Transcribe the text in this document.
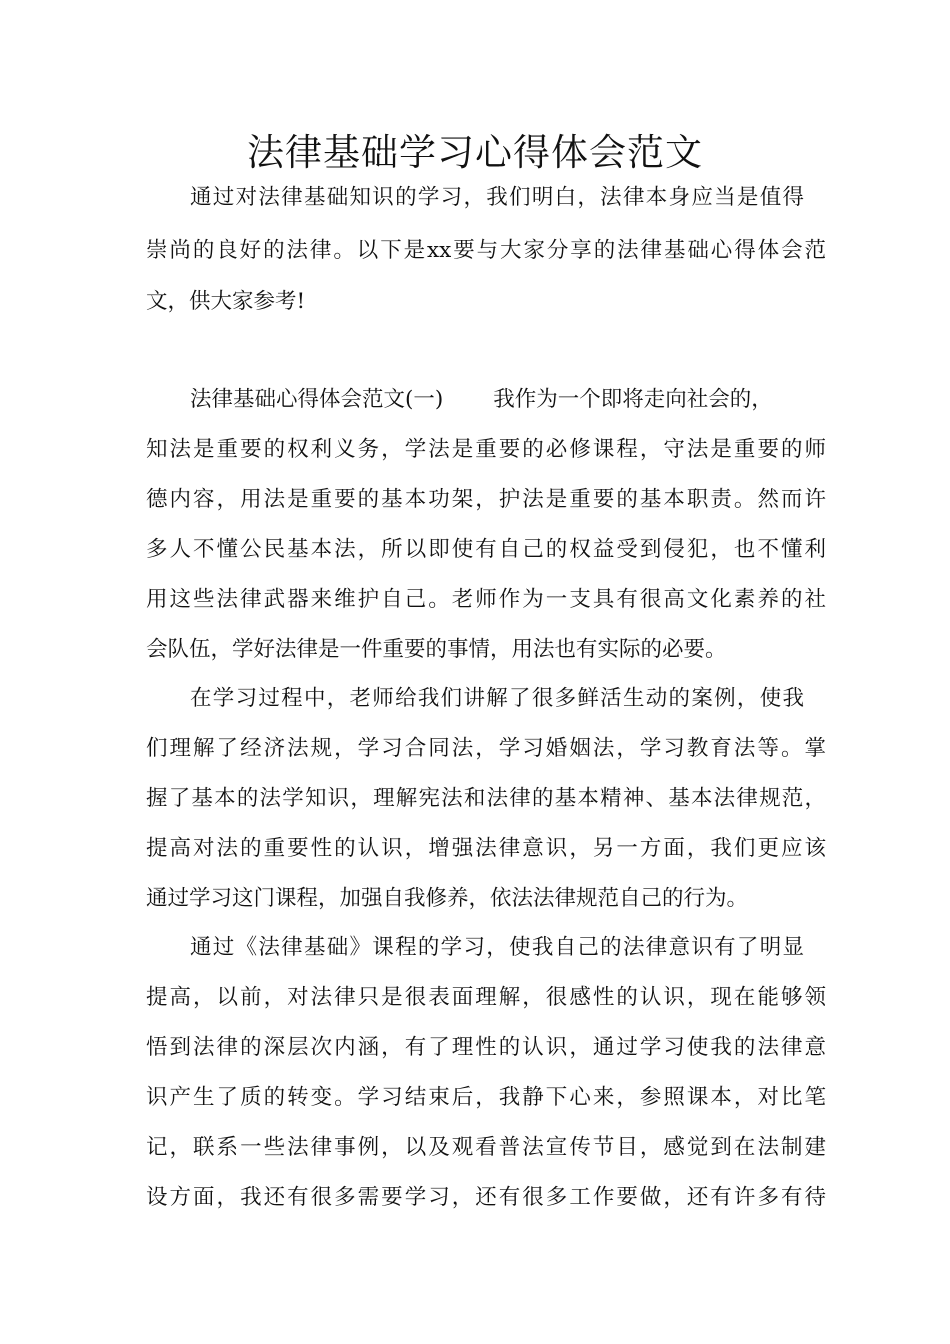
法律基础学习心得体会范文
通过对法律基础知识的学习，我们明白，法律本身应当是值得
崇尚的良好的法律。以下是xx要与大家分享的法律基础心得体会范
文，供大家参考!
法律基础心得体会范文(一) 我作为一个即将走向社会的，
知法是重要的权利义务，学法是重要的必修课程，守法是重要的师
德内容，用法是重要的基本功架，护法是重要的基本职责。然而许
多人不懂公民基本法，所以即使有自己的权益受到侵犯，也不懂利
用这些法律武器来维护自己。老师作为一支具有很高文化素养的社
会队伍，学好法律是一件重要的事情，用法也有实际的必要。
在学习过程中，老师给我们讲解了很多鲜活生动的案例，使我
们理解了经济法规，学习合同法，学习婚姻法，学习教育法等。掌
握了基本的法学知识，理解宪法和法律的基本精神、基本法律规范，
提高对法的重要性的认识，增强法律意识，另一方面，我们更应该
通过学习这门课程，加强自我修养，依法法律规范自己的行为。
通过《法律基础》课程的学习，使我自己的法律意识有了明显
提高，以前，对法律只是很表面理解，很感性的认识，现在能够领
悟到法律的深层次内涵，有了理性的认识，通过学习使我的法律意
识产生了质的转变。学习结束后，我静下心来，参照课本，对比笔
记，联系一些法律事例，以及观看普法宣传节目，感觉到在法制建
设方面，我还有很多需要学习，还有很多工作要做，还有许多有待
